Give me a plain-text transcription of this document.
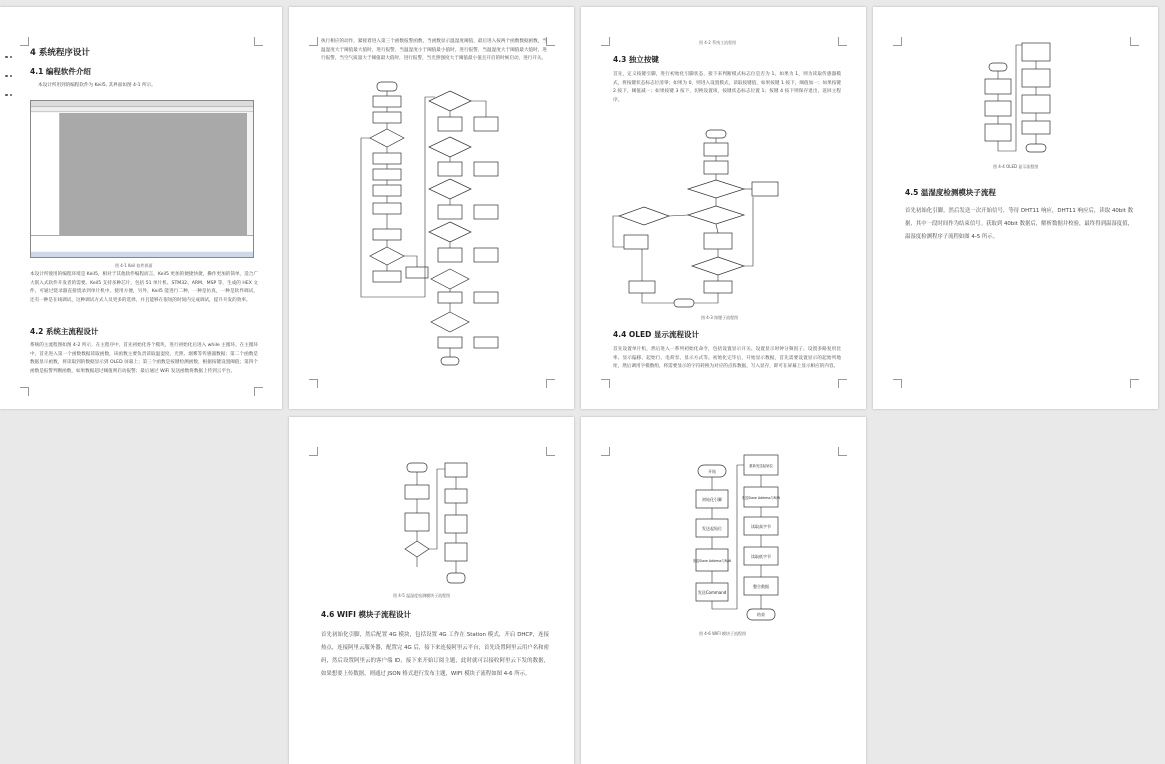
4 系统程序设计
4.1 编程软件介绍
本设计所用到的编程软件为 Keil5, 其界面如图 4-1 所示。
图 4-1 Keil 软件界面
本设计所使用的编程环境是 Keil5，相对于其他软件编程而言，Keil5 更加的便捷快捷，操作更加的简单，适合广大嵌入式软件开发者的需要。Keil5 支持多种芯片，包括 51 单片机、STM32、ARM、MSP 等，生成的 HEX 文件，可通过烧录器直接烧录到单片机中。使用方便，另外，Keil5 能进行二种，一种是仿真，一种是软件调试，还有一种是在线调试，这种调试方式人员更多的选择，并且能够在很短的时间内完成调试，提升开发的效率。
4.2 系统主流程设计
系统的主流程图如图 4-2 所示，在主程序中，首先初始化各个模块，进行初始化后进入 while 主循环。在主循环中，首先进入第一个函数数据读取函数，该函数主要负责读取温湿度、光照、烟雾等传感器数据；第二个函数是数据显示函数，将读取到的数据显示到 OLED 屏幕上；第三个函数是按键检测函数，根据按键设置阈值；第四个函数是报警判断函数，如果数据超过阈值则启动报警；最后通过 WiFi 发送函数将数据上传到云平台。

执行相应的动作，紧接着进入第三个函数报警函数，当函数显示温湿度阈值，最后进入按两个函数数据函数，当温湿度大于阈值最大值时，进行报警，当温湿度小于阈值最小值时，进行报警，当温湿度大于阈值最大值时，进行报警，当空气质量大于阈值最大值时，进行报警，当光照强度大于阈值最小值且开启的时候启动，进行开关。
图 4-2 系统主流程图
4.3 独立按键
首先，定义按键引脚，进行初始化引脚状态，接下来判断模式标志位是否为 1。如果为 1，则为读取传感器模式，将按键状态标志位清零；如果为 0，则进入设置模式，读取按键值，如果按键 1 按下，阈值加一；如果按键 2 按下，阈值减一；如果按键 3 按下，切换设置项，按键状态标志位置 1；按键 4 按下则保存退出，返回主程序。
图 4-3 按键子流程图
4.4 OLED 显示流程设计
首先设置单片机，然后进入一系列初始化命令，包括设置显示开关、设置显示时钟分频因子、设置多路复用比率、显示偏移、起始行、电荷泵、显示方式等。初始化完毕后，开始显示数据，首先需要设置显示的起始列地址，然后调用字模数组，将需要显示的字符转换为对应的点阵数据，写入显存，即可在屏幕上显示相应的内容。
图 4-4 OLED 显示流程图
4.5 温湿度检测模块子流程
首先初始化引脚，然后发送一次开始信号，等待 DHT11 响应，DHT11 响应后，读取 40bit 数据，其中一段时间作为结束信号。获取到 40bit 数据后，解析数据并校验，最终得到温湿度值，温湿度检测程序子流程如图 4-5 所示。
图 4-5 温湿度检测模块子流程图
4.6 WIFI 模块子流程设计
首先初始化引脚，然后配置 4G 模块，包括设置 4G 工作在 Station 模式，开启 DHCP，连接热点，连接阿里云服务器，配置完 4G 后，接下来连接阿里云平台，首先设置阿里云用户名和密码，然后设置阿里云的客户端 ID，接下来开始订阅主题，此时就可以接收阿里云下发的数据，如果想要上传数据，则通过 JSON 格式进行发布主题，WIFI 模块子流程如图 4-6 所示。
开始
初始化引脚
发送起始位
发送Slave Address与R/W
发送Command
重新发送起始位
发送Slave Address与R/W
读取高字节
读取低字节
整合数据
结束
图 4-6 WIFI 模块子流程图
